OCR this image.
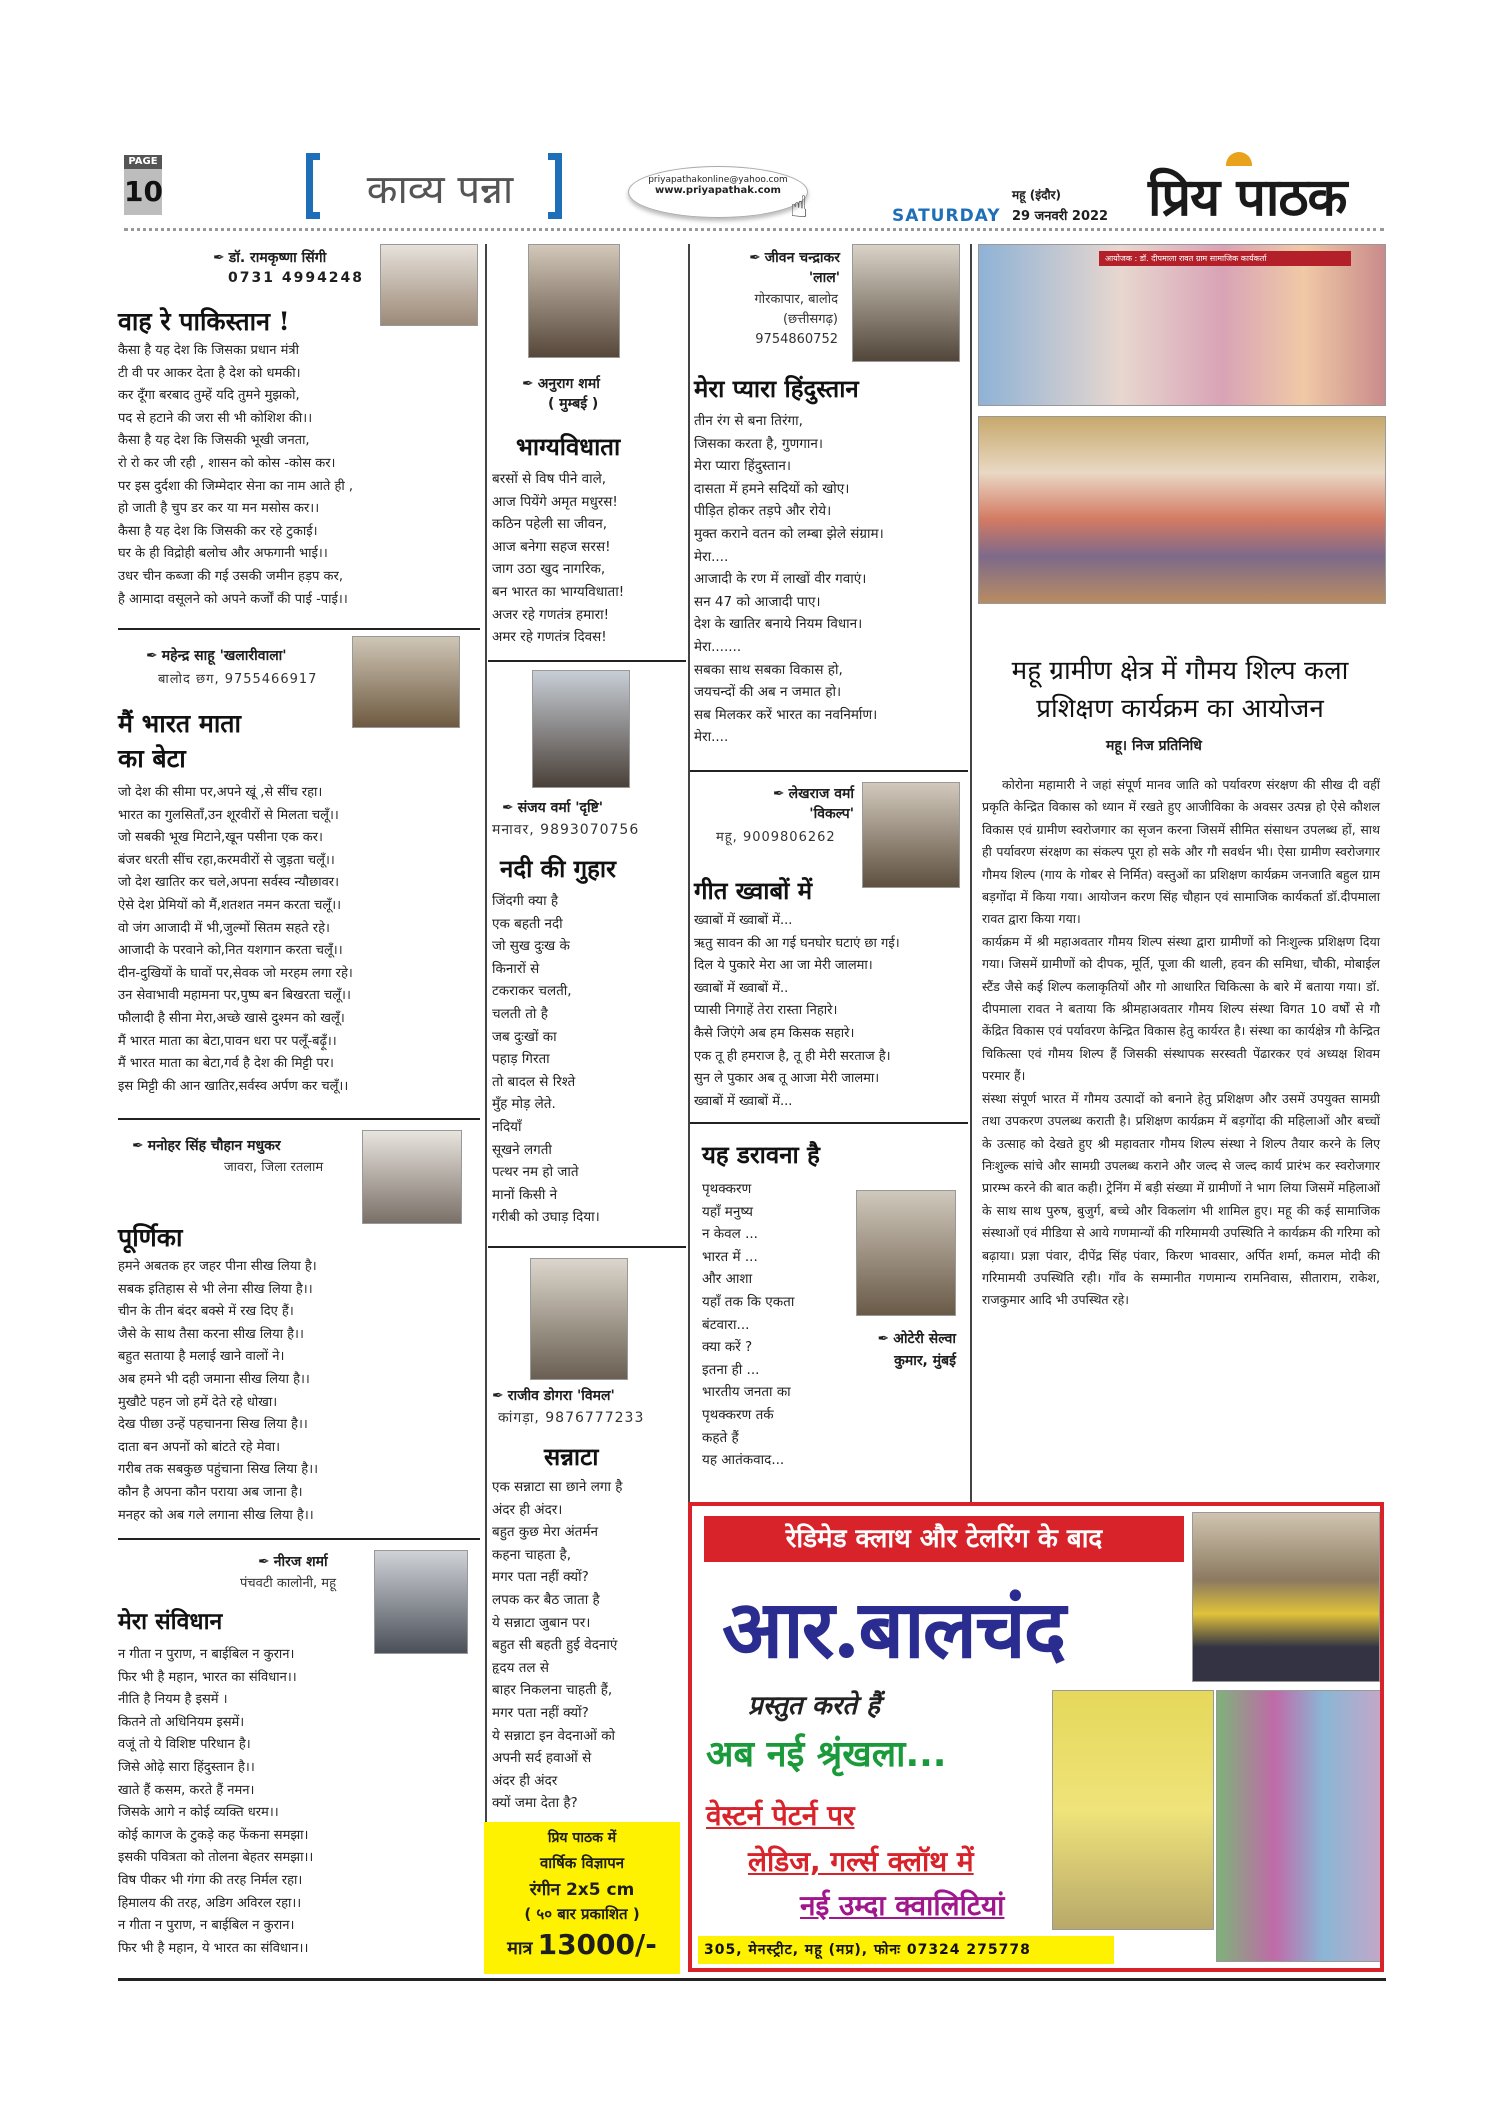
PAGE
10	काव्य पन्ना	priyapathakonline@yahoo.com
www.priyapathak.com ☝	SATURDAY
महू (इंदौर)
29 जनवरी 2022 प्रिय पाठक
✒ डॉ. रामकृष्णा सिंगी
0731 4994248
वाह रे पाकिस्तान !
कैसा है यह देश कि जिसका प्रधान मंत्री
टी वी पर आकर देता है देश को धमकी।
कर दूँगा बरबाद तुम्हें यदि तुमने मुझको,
पद से हटाने की जरा सी भी कोशिश की।।
कैसा है यह देश कि जिसकी भूखी जनता,
रो रो कर जी रही , शासन को कोस -कोस कर।
पर इस दुर्दशा की जिम्मेदार सेना का नाम आते ही ,
हो जाती है चुप डर कर या मन मसोस कर।।
कैसा है यह देश कि जिसकी कर रहे टुकाई।
घर के ही विद्रोही बलोच और अफगानी भाई।।
उधर चीन कब्जा की गई उसकी जमीन हड़प कर,
है आमादा वसूलने को अपने कर्जों की पाई -पाई।।
✒ महेन्द्र साहू 'खलारीवाला'
बालोद छग, 9755466917
मैं भारत माता
का बेटा
जो देश की सीमा पर,अपने खूं ,से सींच रहा।
भारत का गुलसितॉं,उन शूरवीरों से मिलता चलूँ।।
जो सबकी भूख मिटाने,खून पसीना एक कर।
बंजर धरती सींच रहा,करमवीरों से जुड़ता चलूँ।।
जो देश खातिर कर चले,अपना सर्वस्व न्यौछावर।
ऐसे देश प्रेमियों को मैं,शतशत नमन करता चलूँ।।
वो जंग आजादी में भी,जुल्मों सितम सहते रहे।
आजादी के परवाने को,नित यशगान करता चलूँ।।
दीन-दुखियों के घावों पर,सेवक जो मरहम लगा रहे।
उन सेवाभावी महामना पर,पुष्प बन बिखरता चलूँ।।
फौलादी है सीना मेरा,अच्छे खासे दुश्मन को खलूँ।
मैं भारत माता का बेटा,पावन धरा पर पलूँ-बढ़ूँ।।
मैं भारत माता का बेटा,गर्व है देश की मिट्टी पर।
इस मिट्टी की आन खातिर,सर्वस्व अर्पण कर चलूँ।।
✒ मनोहर सिंह चौहान मधुकर
जावरा, जिला रतलाम
पूर्णिका
हमने अबतक हर जहर पीना सीख लिया है।
सबक इतिहास से भी लेना सीख लिया है।।
चीन के तीन बंदर बक्से में रख दिए हैं।
जैसे के साथ तैसा करना सीख लिया है।।
बहुत सताया है मलाई खाने वालों ने।
अब हमने भी दही जमाना सीख लिया है।।
मुखौटे पहन जो हमें देते रहे धोखा।
देख पीछा उन्हें पहचानना सिख लिया है।।
दाता बन अपनों को बांटते रहे मेवा।
गरीब तक सबकुछ पहुंचाना सिख लिया है।।
कौन है अपना कौन पराया अब जाना है।
मनहर को अब गले लगाना सीख लिया है।।
✒ नीरज शर्मा
पंचवटी कालोनी, महू
मेरा संविधान
न गीता न पुराण, न बाईबिल न कुरान।
फिर भी है महान, भारत का संविधान।।
नीति है नियम है इसमें ।
कितने तो अधिनियम इसमें।
वजूं तो ये विशिष्ट परिधान है।
जिसे ओढ़े सारा हिंदुस्तान है।।
खाते हैं कसम, करते हैं नमन।
जिसके आगे न कोई व्यक्ति धरम।।
कोई कागज के टुकड़े कह फेंकना समझा।
इसकी पवित्रता को तोलना बेहतर समझा।।
विष पीकर भी गंगा की तरह निर्मल रहा।
हिमालय की तरह, अडिग अविरल रहा।।
न गीता न पुराण, न बाईबिल न कुरान।
फिर भी है महान, ये भारत का संविधान।।
✒ अनुराग शर्मा
( मुम्बई )
भाग्यविधाता
बरसों से विष पीने वाले,
आज पियेंगे अमृत मधुरस!
कठिन पहेली सा जीवन,
आज बनेगा सहज सरस!
जाग उठा खुद नागरिक,
बन भारत का भाग्यविधाता!
अजर रहे गणतंत्र हमारा!
अमर रहे गणतंत्र दिवस!
✒ संजय वर्मा 'दृष्टि'
मनावर, 9893070756
नदी की गुहार
जिंदगी क्या है
एक बहती नदी
जो सुख दुःख के
किनारों से
टकराकर चलती,
चलती तो है
जब दुःखों का
पहाड़ गिरता
तो बादल से रिश्ते
मुँह मोड़ लेते.
नदियाँ
सूखने लगती
पत्थर नम हो जाते
मानों किसी ने
गरीबी को उघाड़ दिया।
✒ राजीव डोगरा 'विमल'
कांगड़ा, 9876777233
सन्नाटा
एक सन्नाटा सा छाने लगा है
अंदर ही अंदर।
बहुत कुछ मेरा अंतर्मन
कहना चाहता है,
मगर पता नहीं क्यों?
लपक कर बैठ जाता है
ये सन्नाटा जुबान पर।
बहुत सी बहती हुई वेदनाएं
हृदय तल से
बाहर निकलना चाहती हैं,
मगर पता नहीं क्यों?
ये सन्नाटा इन वेदनाओं को
अपनी सर्द हवाओं से
अंदर ही अंदर
क्यों जमा देता है?
प्रिय पाठक में
वार्षिक विज्ञापन
रंगीन 2x5 cm
( ५० बार प्रकाशित )
मात्र 13000/-
✒ जीवन चन्द्राकर
'लाल'
गोरकापार, बालोद
(छत्तीसगढ़)
9754860752
मेरा प्यारा हिंदुस्तान
तीन रंग से बना तिरंगा,
जिसका करता है, गुणगान।
मेरा प्यारा हिंदुस्तान।
दासता में हमने सदियों को खोए।
पीड़ित होकर तड़पे और रोये।
मुक्त कराने वतन को लम्बा झेले संग्राम।
मेरा....
आजादी के रण में लाखों वीर गवाएं।
सन 47 को आजादी पाए।
देश के खातिर बनाये नियम विधान।
मेरा.......
सबका साथ सबका विकास हो,
जयचन्दों की अब न जमात हो।
सब मिलकर करें भारत का नवनिर्माण।
मेरा....
✒ लेखराज वर्मा
'विकल्प'
महू, 9009806262
गीत ख्वाबों में
ख्वाबों में ख्वाबों में...
ऋतु सावन की आ गई घनघोर घटाएं छा गई।
दिल ये पुकारे मेरा आ जा मेरी जालमा।
ख्वाबों में ख्वाबों में..
प्यासी निगाहें तेरा रास्ता निहारे।
कैसे जिएंगे अब हम किसक सहारे।
एक तू ही हमराज है, तू ही मेरी सरताज है।
सुन ले पुकार अब तू आजा मेरी जालमा।
ख्वाबों में ख्वाबों में...
यह डरावना है
पृथक्करण
यहाँ मनुष्य
न केवल ...
भारत में ...
और आशा
यहाँ तक कि एकता
बंटवारा...
क्या करें ?
इतना ही ...
भारतीय जनता का
पृथक्करण तर्क
कहते हैं
यह आतंकवाद...
✒ ओटेरी सेल्वा
कुमार, मुंबई
आयोजक : डॉ. दीपमाला रावत ग्राम सामाजिक कार्यकर्ता
महू ग्रामीण क्षेत्र में गौमय शिल्प कला
प्रशिक्षण कार्यक्रम का आयोजन
महू। निज प्रतिनिधि
कोरोना महामारी ने जहां संपूर्ण मानव जाति को पर्यावरण संरक्षण की सीख दी वहीं प्रकृति केन्द्रित विकास को ध्यान में रखते हुए आजीविका के अवसर उत्पन्न हो ऐसे कौशल विकास एवं ग्रामीण स्वरोजगार का सृजन करना जिसमें सीमित संसाधन उपलब्ध हों, साथ ही पर्यावरण संरक्षण का संकल्प पूरा हो सके और गौ सवर्धन भी। ऐसा ग्रामीण स्वरोजगार गौमय शिल्प (गाय के गोबर से निर्मित) वस्तुओं का प्रशिक्षण कार्यक्रम जनजाति बहुल ग्राम बड़गोंदा में किया गया। आयोजन करण सिंह चौहान एवं सामाजिक कार्यकर्ता डॉ.दीपमाला रावत द्वारा किया गया।
कार्यक्रम में श्री महाअवतार गौमय शिल्प संस्था द्वारा ग्रामीणों को निःशुल्क प्रशिक्षण दिया गया। जिसमें ग्रामीणों को दीपक, मूर्ति, पूजा की थाली, हवन की समिधा, चौकी, मोबाईल स्टैंड जैसे कई शिल्प कलाकृतियों और गो आधारित चिकित्सा के बारे में बताया गया। डॉ. दीपमाला रावत ने बताया कि श्रीमहाअवतार गौमय शिल्प संस्था विगत 10 वर्षों से गौ केंद्रित विकास एवं पर्यावरण केन्द्रित विकास हेतु कार्यरत है। संस्था का कार्यक्षेत्र गौ केन्द्रित चिकित्सा एवं गौमय शिल्प हैं जिसकी संस्थापक सरस्वती पेंढारकर एवं अध्यक्ष शिवम परमार हैं।
संस्था संपूर्ण भारत में गौमय उत्पादों को बनाने हेतु प्रशिक्षण और उसमें उपयुक्त सामग्री तथा उपकरण उपलब्ध कराती है। प्रशिक्षण कार्यक्रम में बड़गोंदा की महिलाओं और बच्चों के उत्साह को देखते हुए श्री महावतार गौमय शिल्प संस्था ने शिल्प तैयार करने के लिए निःशुल्क सांचे और सामग्री उपलब्ध कराने और जल्द से जल्द कार्य प्रारंभ कर स्वरोजगार प्रारम्भ करने की बात कही। ट्रेनिंग में बड़ी संख्या में ग्रामीणों ने भाग लिया जिसमें महिलाओं के साथ साथ पुरुष, बुजुर्ग, बच्चे और विकलांग भी शामिल हुए। महू की कई सामाजिक संस्थाओं एवं मीडिया से आये गणमान्यों की गरिमामयी उपस्थिति ने कार्यक्रम की गरिमा को बढ़ाया। प्रज्ञा पंवार, दीपेंद्र सिंह पंवार, किरण भावसार, अर्पित शर्मा, कमल मोदी की गरिमामयी उपस्थिति रही। गाँव के सम्मानीत गणमान्य रामनिवास, सीताराम, राकेश, राजकुमार आदि भी उपस्थित रहे।
रेडिमेड क्लाथ और टेलरिंग के बाद
आर.बालचंद
प्रस्तुत करते हैं
अब नई श्रृंखला...
वेस्टर्न पेटर्न पर
लेडिज, गर्ल्स क्लॉथ में
नई उम्दा क्वालिटियां
305, मेनस्ट्रीट, महू (मप्र), फोनः 07324 275778
